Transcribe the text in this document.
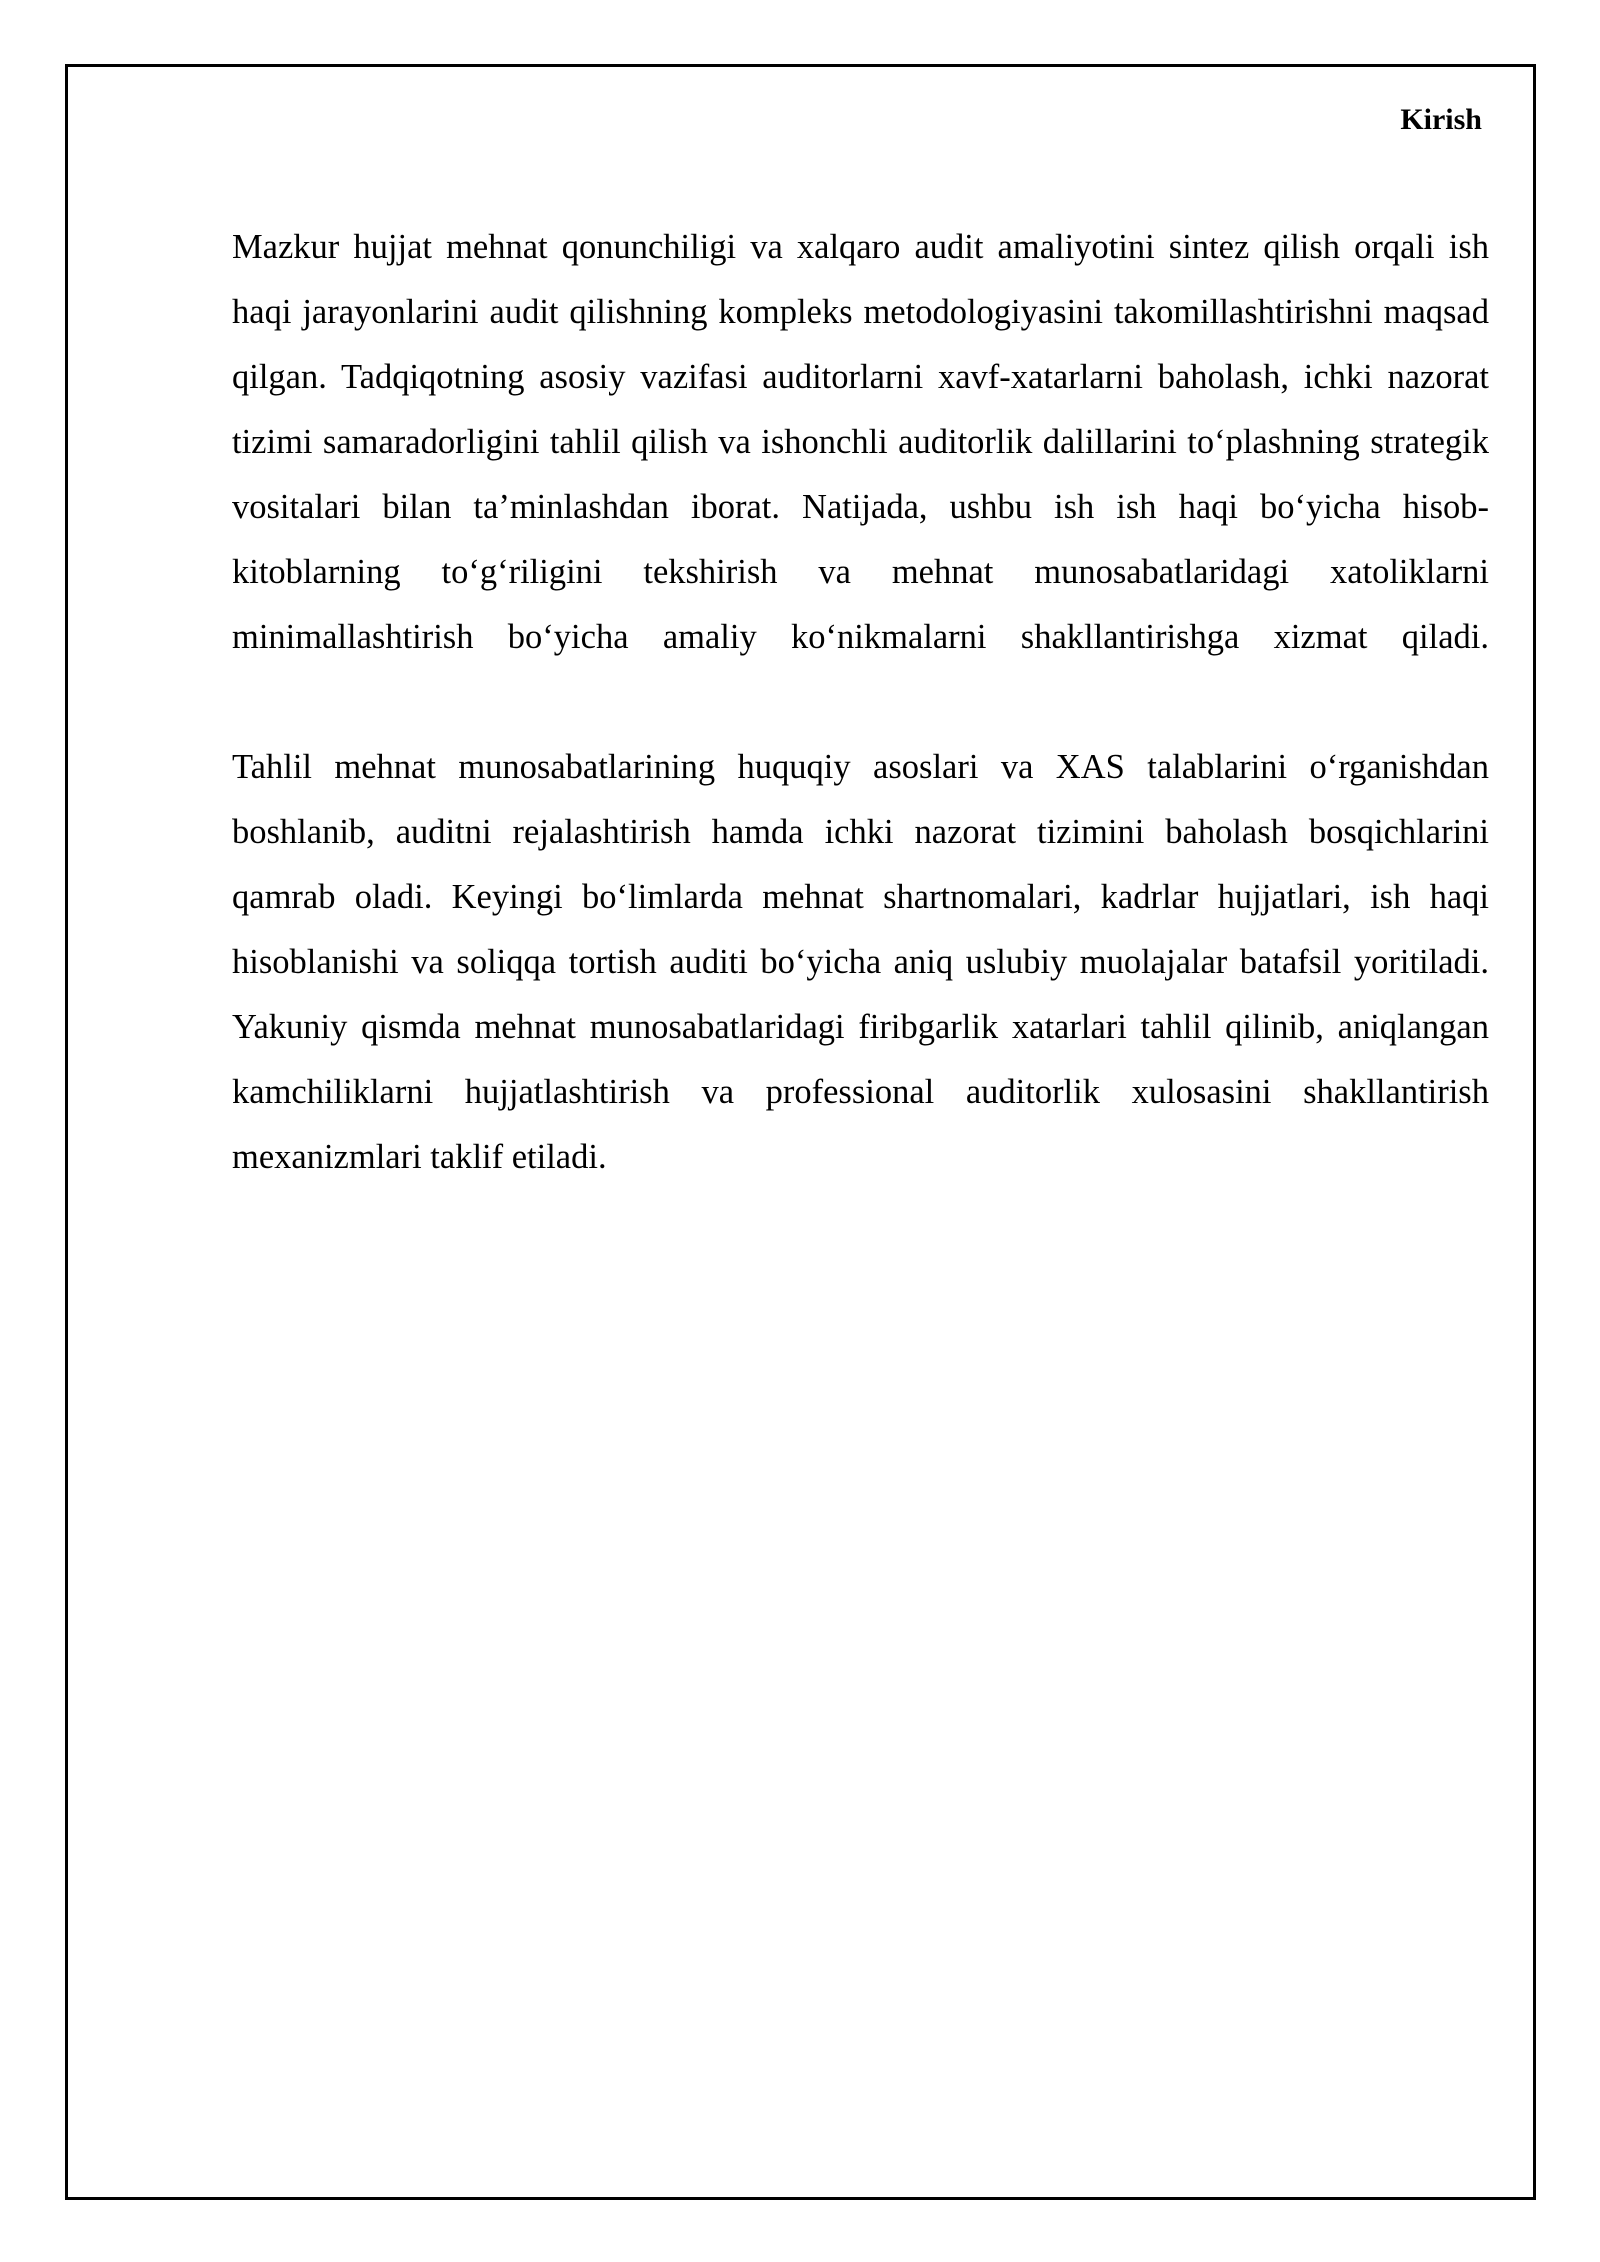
Kirish

Mazkur hujjat mehnat qonunchiligi va xalqaro audit amaliyotini sintez qilish orqali ish haqi jarayonlarini audit qilishning kompleks metodologiyasini takomillashtirishni maqsad qilgan. Tadqiqotning asosiy vazifasi auditorlarni xavf-xatarlarni baholash, ichki nazorat tizimi samaradorligini tahlil qilish va ishonchli auditorlik dalillarini to‘plashning strategik vositalari bilan ta’minlashdan iborat. Natijada, ushbu ish ish haqi bo‘yicha hisob-kitoblarning to‘g‘riligini tekshirish va mehnat munosabatlaridagi xatoliklarni minimallashtirish bo‘yicha amaliy ko‘nikmalarni shakllantirishga xizmat qiladi.

Tahlil mehnat munosabatlarining huquqiy asoslari va XAS talablarini o‘rganishdan boshlanib, auditni rejalashtirish hamda ichki nazorat tizimini baholash bosqichlarini qamrab oladi. Keyingi bo‘limlarda mehnat shartnomalari, kadrlar hujjatlari, ish haqi hisoblanishi va soliqqa tortish auditi bo‘yicha aniq uslubiy muolajalar batafsil yoritiladi. Yakuniy qismda mehnat munosabatlaridagi firibgarlik xatarlari tahlil qilinib, aniqlangan kamchiliklarni hujjatlashtirish va professional auditorlik xulosasini shakllantirish mexanizmlari taklif etiladi.
